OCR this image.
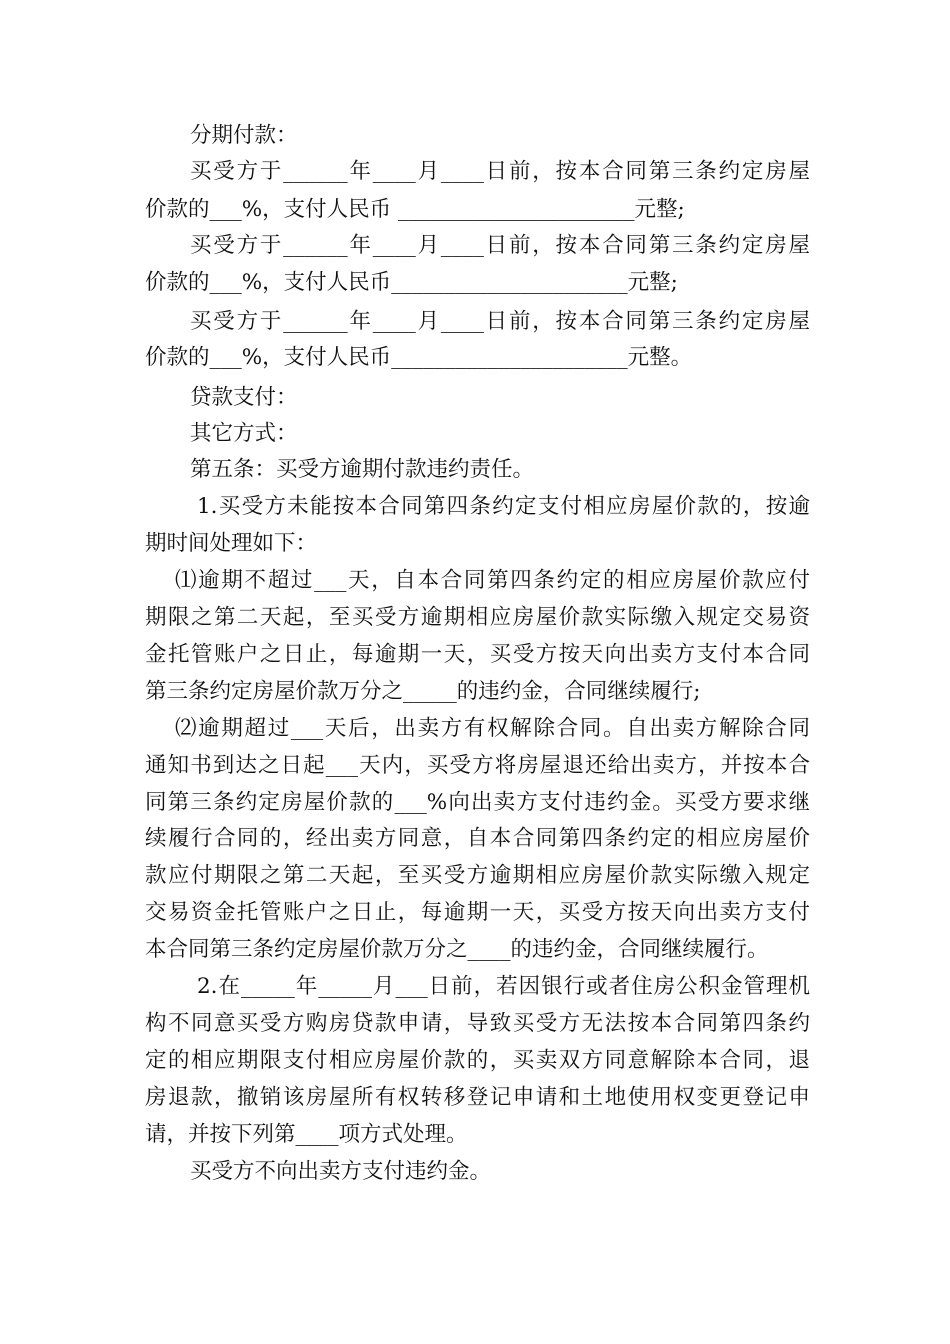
分期付款：
买受方于______年____月____日前，按本合同第三条约定房屋
价款的___%，支付人民币 ______________________元整;
买受方于______年____月____日前，按本合同第三条约定房屋
价款的___%，支付人民币______________________元整;
买受方于______年____月____日前，按本合同第三条约定房屋
价款的___%，支付人民币______________________元整。
贷款支付：
其它方式：
第五条：买受方逾期付款违约责任。
1.买受方未能按本合同第四条约定支付相应房屋价款的，按逾
期时间处理如下：
⑴逾期不超过___天，自本合同第四条约定的相应房屋价款应付
期限之第二天起，至买受方逾期相应房屋价款实际缴入规定交易资
金托管账户之日止，每逾期一天，买受方按天向出卖方支付本合同
第三条约定房屋价款万分之_____的违约金，合同继续履行;
⑵逾期超过___天后，出卖方有权解除合同。自出卖方解除合同
通知书到达之日起___天内，买受方将房屋退还给出卖方，并按本合
同第三条约定房屋价款的___%向出卖方支付违约金。买受方要求继
续履行合同的，经出卖方同意，自本合同第四条约定的相应房屋价
款应付期限之第二天起，至买受方逾期相应房屋价款实际缴入规定
交易资金托管账户之日止，每逾期一天，买受方按天向出卖方支付
本合同第三条约定房屋价款万分之____的违约金，合同继续履行。
2.在_____年_____月___日前，若因银行或者住房公积金管理机
构不同意买受方购房贷款申请，导致买受方无法按本合同第四条约
定的相应期限支付相应房屋价款的，买卖双方同意解除本合同，退
房退款，撤销该房屋所有权转移登记申请和土地使用权变更登记申
请，并按下列第____项方式处理。
买受方不向出卖方支付违约金。
